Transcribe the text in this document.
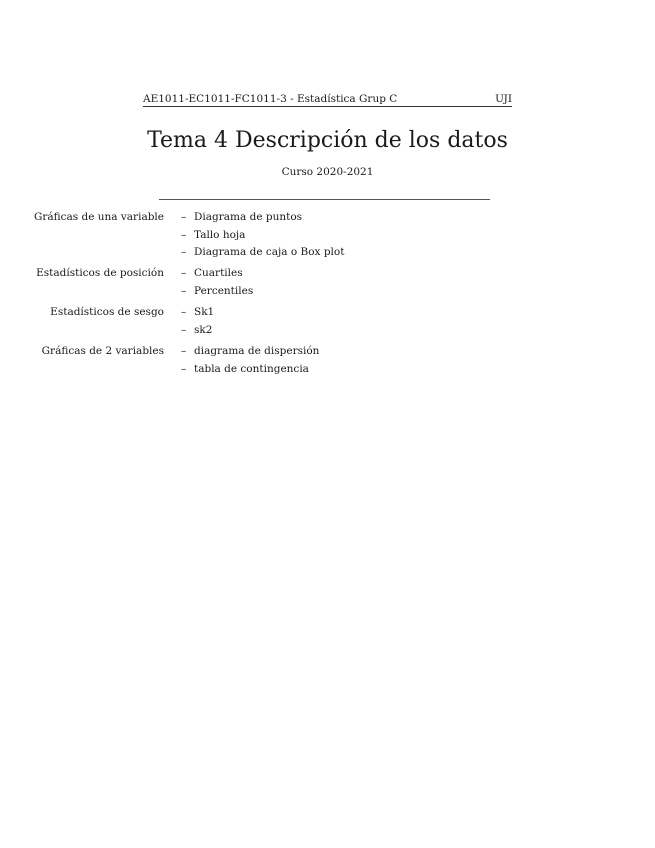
AE1011-EC1011-FC1011-3 - Estadística Grup C	UJI
Tema 4 Descripción de los datos
Curso 2020-2021
Gráficas de una variable – Diagrama de puntos
– Tallo hoja
– Diagrama de caja o Box plot
Estadísticos de posición – Cuartiles
– Percentiles
Estadísticos de sesgo – Sk1
– sk2
Gráficas de 2 variables – diagrama de dispersión
– tabla de contingencia
